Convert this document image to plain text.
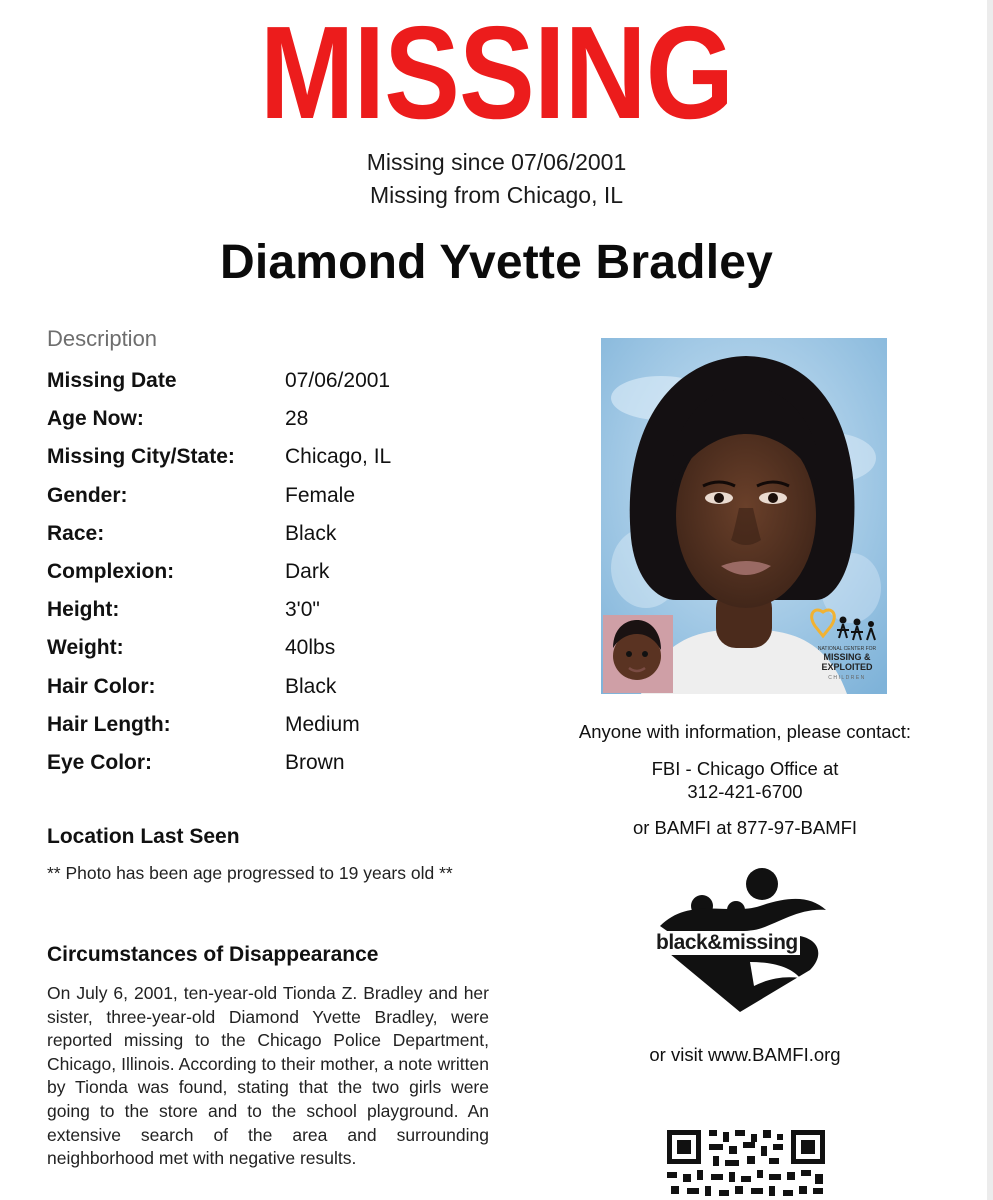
MISSING
Missing since 07/06/2001
Missing from Chicago, IL
Diamond Yvette Bradley
Description
Missing Date	07/06/2001
Age Now:	28
Missing City/State: Chicago, IL
Gender:	Female
Race:	Black
Complexion:	Dark
Height:	3'0"
Weight:	40lbs
Hair Color:	Black
Hair Length:	Medium
Eye Color:	Brown
Location Last Seen
** Photo has been age progressed to 19 years old **
Circumstances of Disappearance
On July 6, 2001, ten-year-old Tionda Z. Bradley and her sister, three-year-old Diamond Yvette Bradley, were reported missing to the Chicago Police Department, Chicago, Illinois. According to their mother, a note written by Tionda was found, stating that the two girls were going to the store and to the school playground. An extensive search of the area and surrounding neighborhood met with negative results.
NATIONAL CENTER FOR
MISSING &
EXPLOITED
CHILDREN
Anyone with information, please contact:
FBI - Chicago Office at
312-421-6700
or BAMFI at 877-97-BAMFI
black&missing
or visit www.BAMFI.org
